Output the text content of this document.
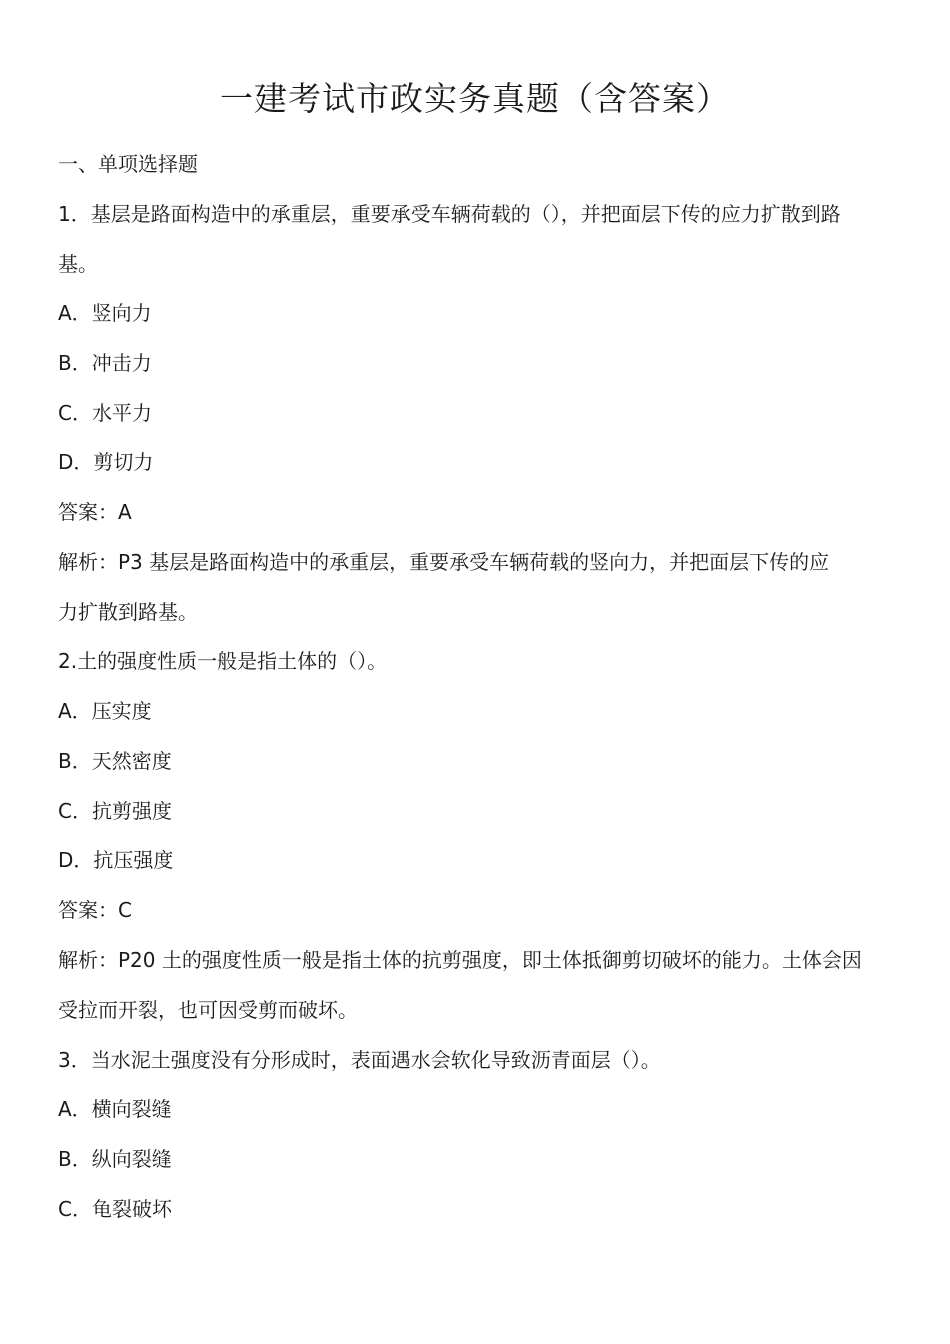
一建考试市政实务真题（含答案）
一、单项选择题
1．基层是路面构造中的承重层，重要承受车辆荷载的（），并把面层下传的应力扩散到路
基。
A．竖向力
B．冲击力
C．水平力
D．剪切力
答案：A
解析：P3 基层是路面构造中的承重层，重要承受车辆荷载的竖向力，并把面层下传的应
力扩散到路基。
2.土的强度性质一般是指土体的（）。
A．压实度
B．天然密度
C．抗剪强度
D．抗压强度
答案：C
解析：P20 土的强度性质一般是指土体的抗剪强度，即土体抵御剪切破坏的能力。土体会因
受拉而开裂，也可因受剪而破坏。
3．当水泥土强度没有分形成时，表面遇水会软化导致沥青面层（）。
A．横向裂缝
B．纵向裂缝
C．龟裂破坏
